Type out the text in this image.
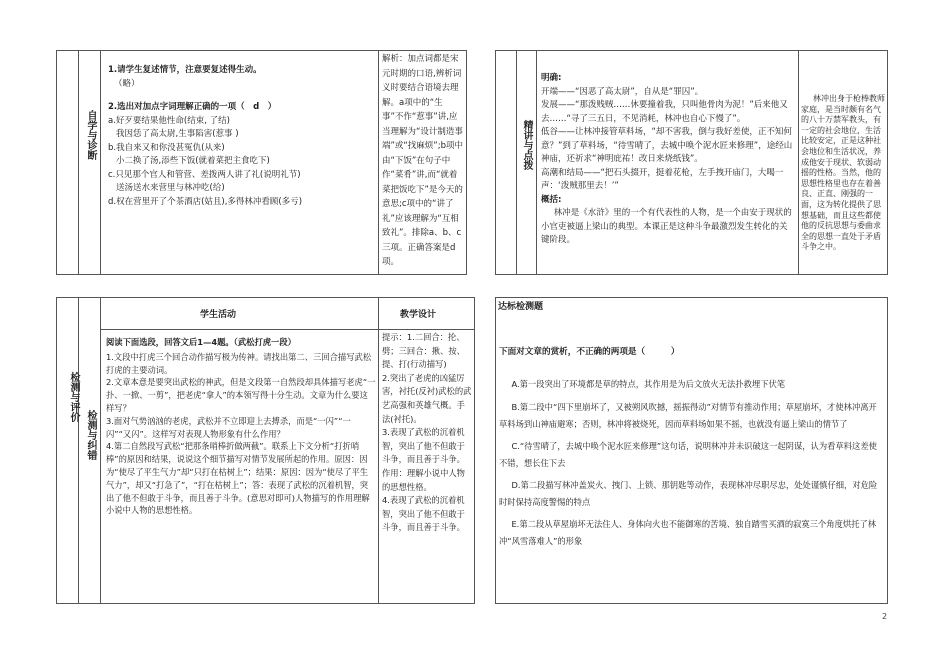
自学与诊断

1.请学生复述情节，注意要复述得生动。

（略）

2.选出对加点字词理解正确的一项（　d　）

a.好歹要结果他性命(结束, 了结)

我因恁了高太尉,生事陷害(惹事 )

b.我自来又和你没甚冤仇(从来)

小二换了汤,添些下饭(就着菜把主食吃下)

c.只见那个官人和管营、差拨两人讲了礼(说明礼节)

送汤送水来营里与林冲吃(给)

d.权在营里开了个茶酒店(姑且),多得林冲看顾(多亏)

解析：加点词都是宋元时期的口语,辨析词义时要结合语境去理解。a项中的“生事”不作“惹事”讲,应当理解为“设计制造事端”或“找麻烦”;b项中由“下饭”在句子中作“菜肴”讲,而“就着菜把饭吃下”是今天的意思;c项中的“讲了礼”应该理解为“互相致礼”。排除a、b、c三项。正确答案是d项。

精讲与点拨

明确:

开端——“因恶了高太尉”，自从是“罪囚”。

发展——“那泼贱贼……休要撞着我，只叫他骨肉为泥！”后来他又去……“寻了三五日，不见消耗，林冲也自心下慢了”。

低谷——让林冲接管草料场，“却不害我，倒与我好差使，正不知何意？”到了草料场，“待雪晴了，去城中唤个泥水匠来修理”，途经山神庙，还祈求“神明庇祐！改日来烧纸钱”。

高潮和结局——“把石头掇开，挺着花枪，左手拽开庙门，大喝一声：‘泼贼那里去！’”

概括:

林冲是《水浒》里的一个有代表性的人物，是一个由安于现状的小官吏被逼上梁山的典型。本课正是这种斗争最激烈发生转化的关键阶段。

林冲出身于枪棒教师家庭，是当时颇有名气的八十万禁军教头，有一定的社会地位，生活比较安定，正是这种社会地位和生活状况，养成他安于现状、软弱动摇的性格。当然，他的思想性格里也存在着善良、正直、刚强的一面，这为转化提供了思想基础，而且这些都使他的反抗思想与委曲求全的思想一直处于矛盾斗争之中。

学生活动	教学设计
检测与评价
检测与纠错

阅读下面选段，回答文后1—4题。（武松打虎一段）

1.文段中打虎三个回合动作描写极为传神。请找出第二、三回合描写武松打虎的主要动词。

2.文章本意是要突出武松的神武，但是文段第一自然段却具体描写老虎“一扑、一掀、一剪”，把老虎“拿人”的本领写得十分生动。文章为什么要这样写？

3.面对气势汹汹的老虎，武松并不立即迎上去搏杀，而是“一闪”“一闪”“又闪”。这样写对表现人物形象有什么作用？

4.第二自然段写武松“把那条哨棒折做两截”。联系上下文分析“打折哨棒”的原因和结果，说说这个细节描写对情节发展所起的作用。原因：因为“使尽了平生气力”却“只打在枯树上”；结果：原因：因为“使尽了平生气力”，却又“打急了”，“打在枯树上”；答：表现了武松的沉着机智，突出了他不但敢于斗争，而且善于斗争。(意思对即可)人物描写的作用理解小说中人物的思想性格。

提示：1.二回合：抡、劈；三回合：揪、按、提、打(行动描写)

2.突出了老虎的凶猛厉害，衬托(反衬)武松的武艺高强和英雄气概。手法(衬托)。

3.表现了武松的沉着机智，突出了他不但敢于斗争，而且善于斗争。作用：理解小说中人物的思想性格。

4.表现了武松的沉着机智，突出了他不但敢于斗争，而且善于斗争。

达标检测题

下面对文章的赏析，不正确的两项是（　　　）

A.第一段突出了环境都是草的特点，其作用是为后文放火无法扑救埋下伏笔

B.第二段中“四下里崩坏了，又被朔风吹撼，摇振得动”对情节有推动作用；草屋崩坏，才使林冲离开草料场到山神庙避寒；否则，林冲将被烧死，因而草料场如果不摇，也就没有逼上梁山的情节了

C.“待雪晴了，去城中唤个泥水匠来修理”这句话，说明林冲并未识破这一起阴谋，认为看草料这差使不错，想长住下去

D.第二段描写林冲盖炭火、拽门、上锁、那钥匙等动作，表现林冲尽职尽忠，处处谨慎仔细，对危险时时保持高度警惕的特点

E.第二段从草屋崩坏无法住人、身体向火也不能御寒的苦境、独自踏雪买酒的寂寞三个角度烘托了林冲“风雪落难人”的形象

2
